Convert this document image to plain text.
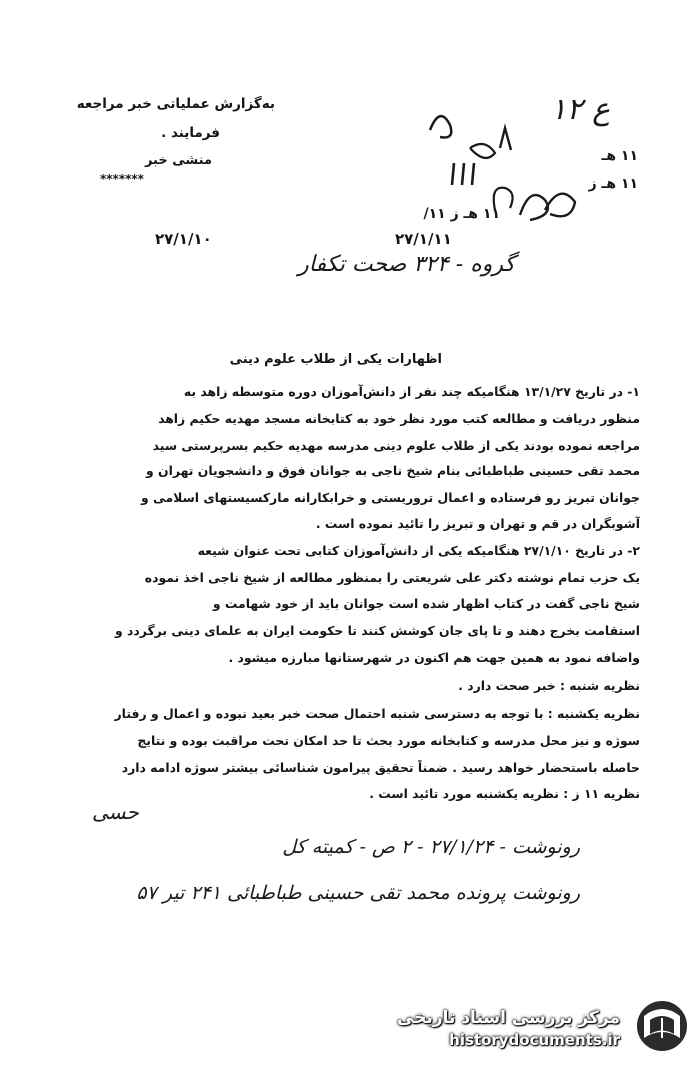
به‌گزارش عملیاتی خبر مراجعه
فرمایند .
منشی خبر
*******
۲۷/۱/۱۰	۲۷/۱/۱۱
۱۱ هـ
۱۱ هـ ز
۱۱ هـ ز ۱۱/
ع ۱۲
گروه - ۳۲۴ صحت تکفار
اظهارات یکی از طلاب علوم دینی
۱- در تاریخ ۱۳/۱/۲۷ هنگامیکه چند نفر از دانش‌آموزان دوره متوسطه زاهد به
منظور دریافت و مطالعه کتب مورد نظر خود به کتابخانه مسجد مهدیه حکیم زاهد
مراجعه نموده بودند یکی از طلاب علوم دینی مدرسه مهدیه حکیم بسرپرستی سید
محمد تقی حسینی طباطبائی بنام شیخ ناجی به جوانان فوق و دانشجویان تهران و
جوانان تبریز رو فرستاده و اعمال تروریستی و خرابکارانه مارکسیستهای اسلامی و
آشوبگران در قم و تهران و تبریز را تائید نموده است .
۲- در تاریخ ۲۷/۱/۱۰ هنگامیکه یکی از دانش‌آموزان کتابی تحت عنوان شیعه
یک حزب تمام نوشته دکتر علی شریعتی را بمنظور مطالعه از شیخ ناجی اخذ نموده
شیخ ناجی گفت در کتاب اظهار شده است جوانان باید از خود شهامت و
استقامت بخرج دهند و تا پای جان کوشش کنند تا حکومت ایران به علمای دینی برگردد و
واضافه نمود به همین جهت هم اکنون در شهرستانها مبارزه میشود .
نظریه شنبه : خبر صحت دارد .
نظریه یکشنبه : با توجه به دسترسی شنبه احتمال صحت خبر بعید نبوده و اعمال و رفتار
سوژه و نیز محل مدرسه و کتابخانه مورد بحث تا حد امکان تحت مراقبت بوده و نتایج
حاصله باستحضار خواهد رسید . ضمناً تحقیق پیرامون شناسائی بیشتر سوژه ادامه دارد
نظریه ۱۱ ز : نظریه یکشنبه مورد تائید است .
حسی
رونوشت - ۲۷/۱/۲۴ - ۲ ص - کمیته کل
رونوشت پرونده محمد تقی حسینی طباطبائی ۲۴۱ تیر ۵۷
مرکز بررسی اسناد تاریخی
historydocuments.ir
